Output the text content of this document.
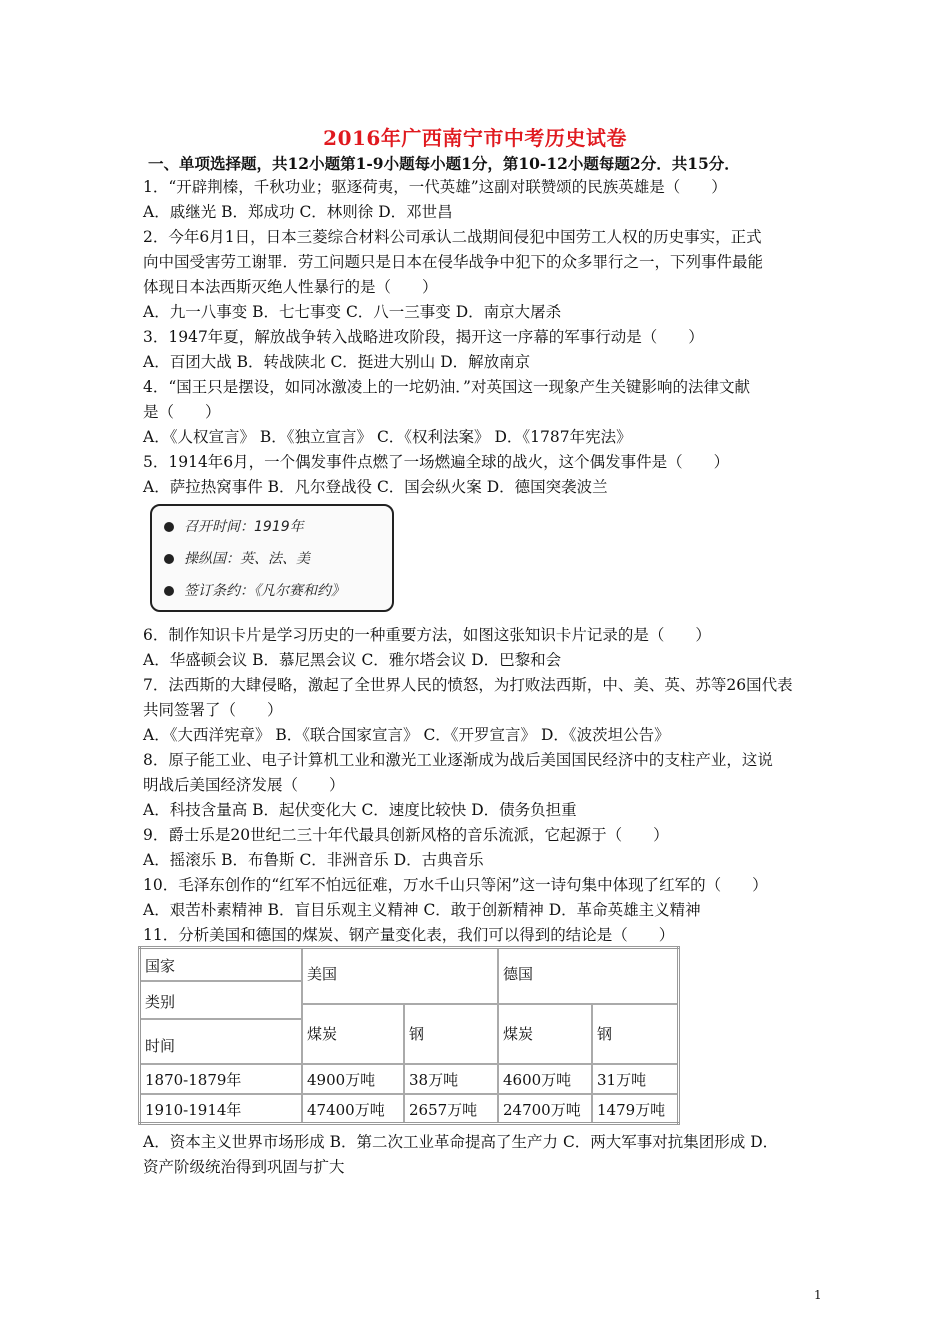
2016年广西南宁市中考历史试卷
一、单项选择题，共12小题第1-9小题每小题1分，第10-12小题每题2分．共15分．
1．“开辟荆榛，千秋功业；驱逐荷夷，一代英雄”这副对联赞颂的民族英雄是（　　）
A．戚继光 B．郑成功 C．林则徐 D．邓世昌
2．今年6月1日，日本三菱综合材料公司承认二战期间侵犯中国劳工人权的历史事实，正式
向中国受害劳工谢罪．劳工问题只是日本在侵华战争中犯下的众多罪行之一，下列事件最能
体现日本法西斯灭绝人性暴行的是（　　）
A．九一八事变 B．七七事变 C．八一三事变 D．南京大屠杀
3．1947年夏，解放战争转入战略进攻阶段，揭开这一序幕的军事行动是（　　）
A．百团大战 B．转战陕北 C．挺进大别山 D．解放南京
4．“国王只是摆设，如同冰激凌上的一坨奶油．”对英国这一现象产生关键影响的法律文献
是（　　）
A．《人权宣言》 B．《独立宣言》 C．《权利法案》 D．《1787年宪法》
5．1914年6月，一个偶发事件点燃了一场燃遍全球的战火，这个偶发事件是（　　）
A．萨拉热窝事件 B．凡尔登战役 C．国会纵火案 D．德国突袭波兰
召开时间：1919年
操纵国：英、法、美
签订条约：《凡尔赛和约》
6．制作知识卡片是学习历史的一种重要方法，如图这张知识卡片记录的是（　　）
A．华盛顿会议 B．慕尼黑会议 C．雅尔塔会议 D．巴黎和会
7．法西斯的大肆侵略，激起了全世界人民的愤怒，为打败法西斯，中、美、英、苏等26国代表
共同签署了（　　）
A．《大西洋宪章》 B．《联合国家宣言》 C．《开罗宣言》 D．《波茨坦公告》
8．原子能工业、电子计算机工业和激光工业逐渐成为战后美国国民经济中的支柱产业，这说
明战后美国经济发展（　　）
A．科技含量高 B．起伏变化大 C．速度比较快 D．债务负担重
9．爵士乐是20世纪二三十年代最具创新风格的音乐流派，它起源于（　　）
A．摇滚乐 B．布鲁斯 C．非洲音乐 D．古典音乐
10．毛泽东创作的“红军不怕远征难，万水千山只等闲”这一诗句集中体现了红军的（　　）
A．艰苦朴素精神 B．盲目乐观主义精神 C．敢于创新精神 D．革命英雄主义精神
11．分析美国和德国的煤炭、钢产量变化表，我们可以得到的结论是（　　）
国家
类别
时间	美国		德国	
	煤炭	钢	煤炭	钢
1870-1879年	4900万吨	38万吨	4600万吨	31万吨
1910-1914年	47400万吨	2657万吨	24700万吨	1479万吨
A．资本主义世界市场形成 B．第二次工业革命提高了生产力 C．两大军事对抗集团形成 D．
资产阶级统治得到巩固与扩大
1
